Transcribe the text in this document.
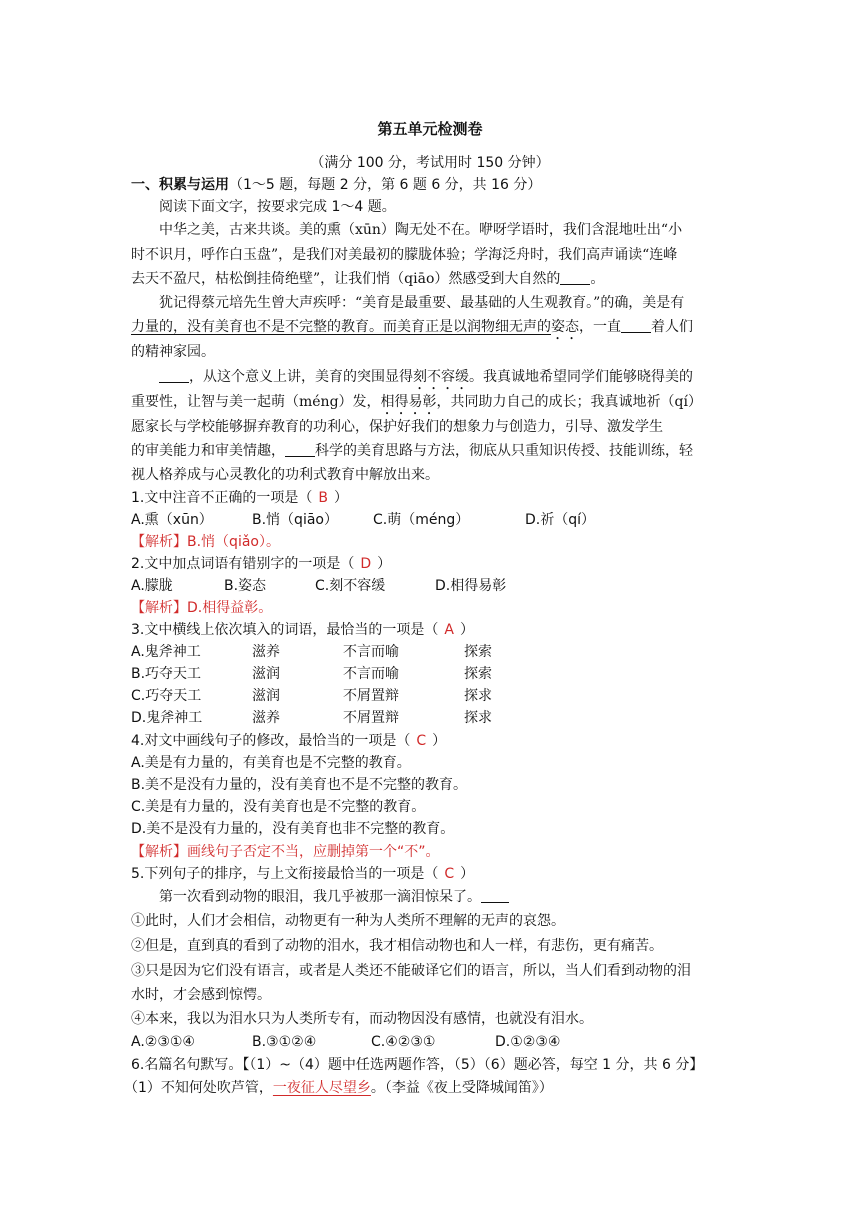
第五单元检测卷
（满分 100 分，考试用时 150 分钟）
一、积累与运用（1～5 题，每题 2 分，第 6 题 6 分，共 16 分）
阅读下面文字，按要求完成 1～4 题。
中华之美，古来共谈。美的熏（xūn）陶无处不在。咿呀学语时，我们含混地吐出“小
时不识月，呼作白玉盘”，是我们对美最初的朦胧体验；学海泛舟时，我们高声诵读“连峰
去天不盈尺，枯松倒挂倚绝壁”，让我们悄（qiāo）然感受到大自然的 。
犹记得蔡元培先生曾大声疾呼：“美育是最重要、最基础的人生观教育。”的确，美是有
力量的，没有美育也不是不完整的教育。而美育正是以润物细无声的姿态，一直 着人们
的精神家园。
，从这个意义上讲，美育的突围显得刻不容缓。我真诚地希望同学们能够晓得美的
重要性，让智与美一起萌（méng）发，相得易彰，共同助力自己的成长；我真诚地祈（qí）
愿家长与学校能够摒弃教育的功利心，保护好我们的想象力与创造力，引导、激发学生
的审美能力和审美情趣， 科学的美育思路与方法，彻底从只重知识传授、技能训练，轻
视人格养成与心灵教化的功利式教育中解放出来。
1.文中注音不正确的一项是（ B ）
A.熏（xūn）	B.悄（qiāo）	C.萌（méng）	D.祈（qí）
【解析】B.悄（qiǎo）。
2.文中加点词语有错别字的一项是（ D ）
A.朦胧	B.姿态	C.刻不容缓	D.相得易彰
【解析】D.相得益彰。
3.文中横线上依次填入的词语，最恰当的一项是（ A ）
A.鬼斧神工	滋养	不言而喻	探索
B.巧夺天工	滋润	不言而喻	探索
C.巧夺天工	滋润	不屑置辩	探求
D.鬼斧神工	滋养	不屑置辩	探求
4.对文中画线句子的修改，最恰当的一项是（ C ）
A.美是有力量的，有美育也是不完整的教育。
B.美不是没有力量的，没有美育也不是不完整的教育。
C.美是有力量的，没有美育也是不完整的教育。
D.美不是没有力量的，没有美育也非不完整的教育。
【解析】画线句子否定不当，应删掉第一个“不”。
5.下列句子的排序，与上文衔接最恰当的一项是（ C ）
第一次看到动物的眼泪，我几乎被那一滴泪惊呆了。
①此时，人们才会相信，动物更有一种为人类所不理解的无声的哀怨。
②但是，直到真的看到了动物的泪水，我才相信动物也和人一样，有悲伤，更有痛苦。
③只是因为它们没有语言，或者是人类还不能破译它们的语言，所以，当人们看到动物的泪
水时，才会感到惊愕。
④本来，我以为泪水只为人类所专有，而动物因没有感情，也就没有泪水。
A.②③①④	B.③①②④	C.④②③①	D.①②③④
6.名篇名句默写。【（1）~（4）题中任选两题作答，（5）（6）题必答，每空 1 分，共 6 分】
（1）不知何处吹芦管，一夜征人尽望乡。（李益《夜上受降城闻笛》）
